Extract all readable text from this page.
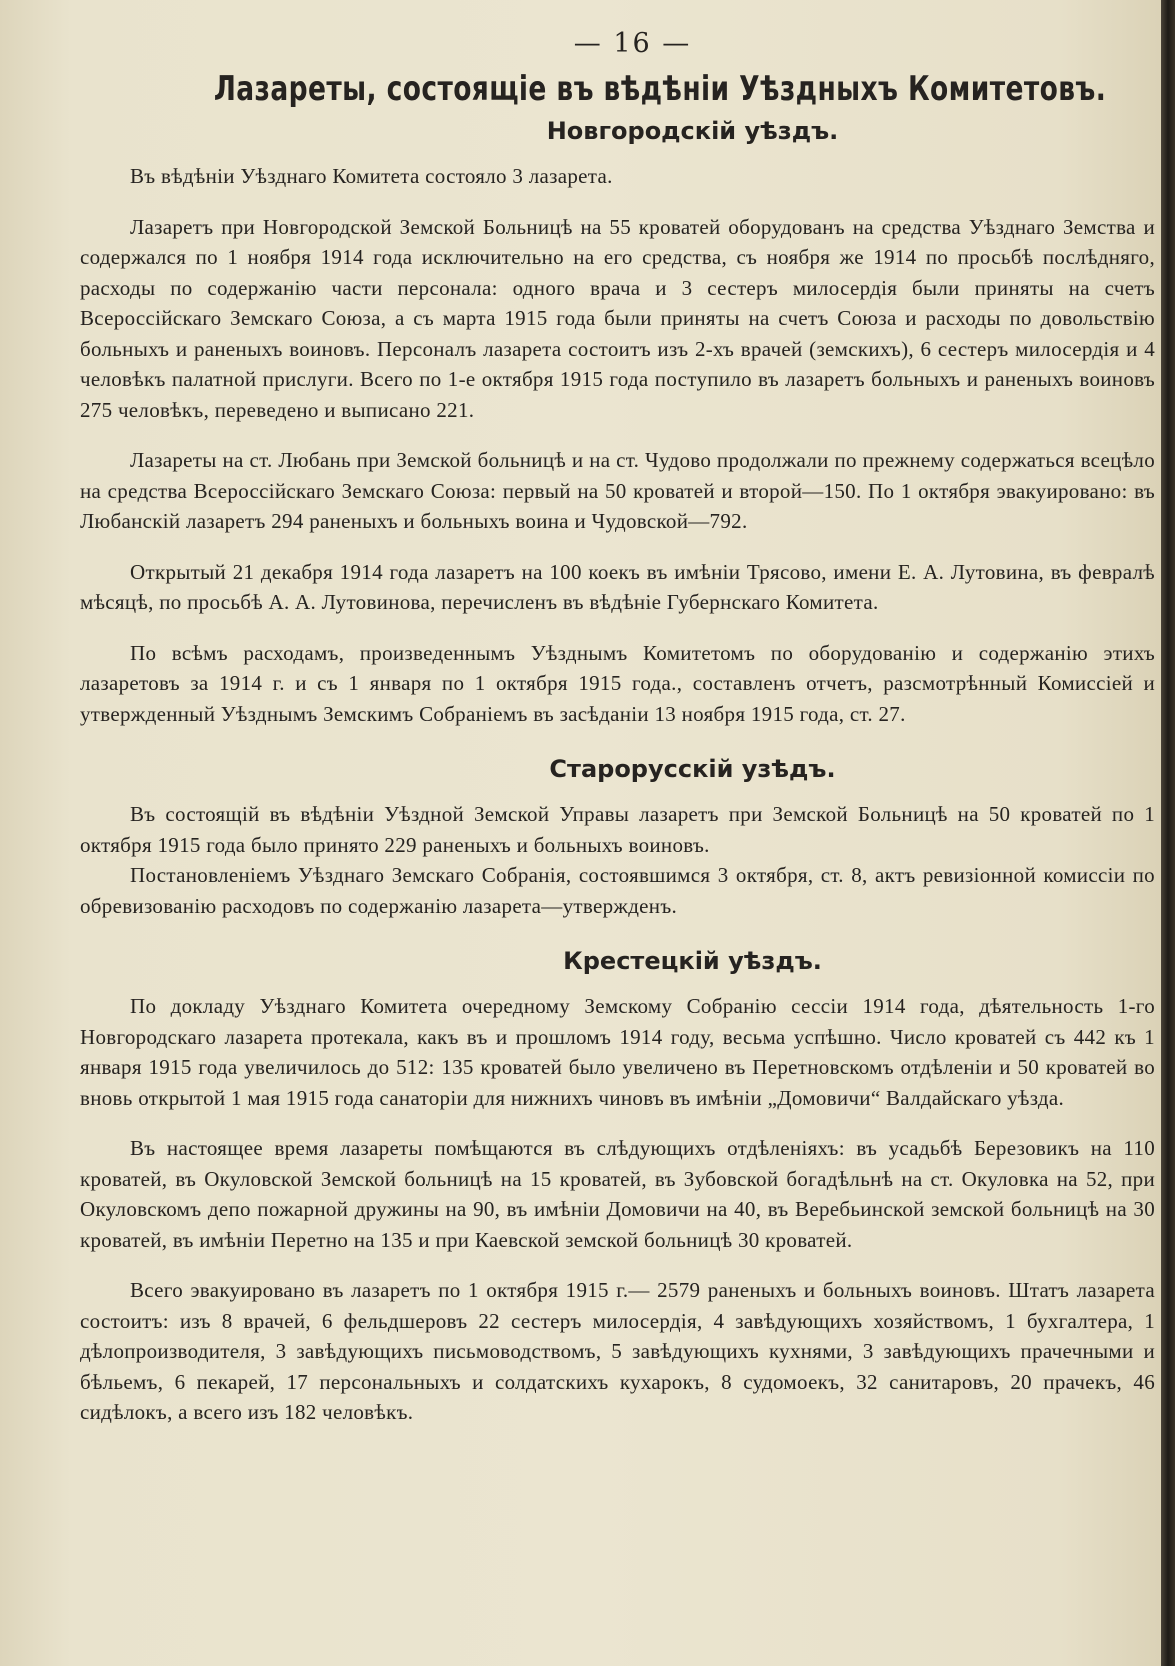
— 16 —
Лазареты, состоящіе въ вѣдѣніи Уѣздныхъ Комитетовъ.
Новгородскій уѣздъ.

Въ вѣдѣніи Уѣзднаго Комитета состояло 3 лазарета.

Лазаретъ при Новгородской Земской Больницѣ на 55 кроватей оборудованъ на средства Уѣзднаго Земства и содержался по 1 ноября 1914 года исключительно на его средства, съ ноября же 1914 по просьбѣ послѣдняго, расходы по содержанію части персонала: одного врача и 3 сестеръ милосердія были приняты на счетъ Всероссійскаго Земскаго Союза, а съ марта 1915 года были приняты на счетъ Союза и расходы по довольствію больныхъ и раненыхъ воиновъ. Персоналъ лазарета состоитъ изъ 2-хъ врачей (земскихъ), 6 сестеръ милосердія и 4 человѣкъ палатной прислуги. Всего по 1-е октября 1915 года поступило въ лазаретъ больныхъ и раненыхъ воиновъ 275 человѣкъ, переведено и выписано 221.

Лазареты на ст. Любань при Земской больницѣ и на ст. Чудово продолжали по прежнему содержаться всецѣло на средства Всероссійскаго Земскаго Союза: первый на 50 кроватей и второй—150. По 1 октября эвакуировано: въ Любанскій лазаретъ 294 раненыхъ и больныхъ воина и Чудовской—792.

Открытый 21 декабря 1914 года лазаретъ на 100 коекъ въ имѣніи Трясово, имени Е. А. Лутовина, въ февралѣ мѣсяцѣ, по просьбѣ А. А. Лутовинова, перечисленъ въ вѣдѣніе Губернскаго Комитета.

По всѣмъ расходамъ, произведеннымъ Уѣзднымъ Комитетомъ по оборудованію и содержанію этихъ лазаретовъ за 1914 г. и съ 1 января по 1 октября 1915 года., составленъ отчетъ, разсмотрѣнный Комиссіей и утвержденный Уѣзднымъ Земскимъ Собраніемъ въ засѣданіи 13 ноября 1915 года, ст. 27.

Старорусскій узѣдъ.

Въ состоящій въ вѣдѣніи Уѣздной Земской Управы лазаретъ при Земской Больницѣ на 50 кроватей по 1 октября 1915 года было принято 229 раненыхъ и больныхъ воиновъ.

Постановленіемъ Уѣзднаго Земскаго Собранія, состоявшимся 3 октября, ст. 8, актъ ревизіонной комиссіи по обревизованію расходовъ по содержанію лазарета—утвержденъ.

Крестецкій уѣздъ.

По докладу Уѣзднаго Комитета очередному Земскому Собранію сессіи 1914 года, дѣятельность 1-го Новгородскаго лазарета протекала, какъ въ и прошломъ 1914 году, весьма успѣшно. Число кроватей съ 442 къ 1 января 1915 года увеличилось до 512: 135 кроватей было увеличено въ Перетновскомъ отдѣленіи и 50 кроватей во вновь открытой 1 мая 1915 года санаторіи для нижнихъ чиновъ въ имѣніи „Домовичи“ Валдайскаго уѣзда.

Въ настоящее время лазареты помѣщаются въ слѣдующихъ отдѣленіяхъ: въ усадьбѣ Березовикъ на 110 кроватей, въ Окуловской Земской больницѣ на 15 кроватей, въ Зубовской богадѣльнѣ на ст. Окуловка на 52, при Окуловскомъ депо пожарной дружины на 90, въ имѣніи Домовичи на 40, въ Веребьинской земской больницѣ на 30 кроватей, въ имѣніи Перетно на 135 и при Каевской земской больницѣ 30 кроватей.

Всего эвакуировано въ лазаретъ по 1 октября 1915 г.— 2579 раненыхъ и больныхъ воиновъ. Штатъ лазарета состоитъ: изъ 8 врачей, 6 фельдшеровъ 22 сестеръ милосердія, 4 завѣдующихъ хозяйствомъ, 1 бухгалтера, 1 дѣлопроизводителя, 3 завѣдующихъ письмоводствомъ, 5 завѣдующихъ кухнями, 3 завѣдующихъ прачечными и бѣльемъ, 6 пекарей, 17 персональныхъ и солдатскихъ кухарокъ, 8 судомоекъ, 32 санитаровъ, 20 прачекъ, 46 сидѣлокъ, а всего изъ 182 человѣкъ.
